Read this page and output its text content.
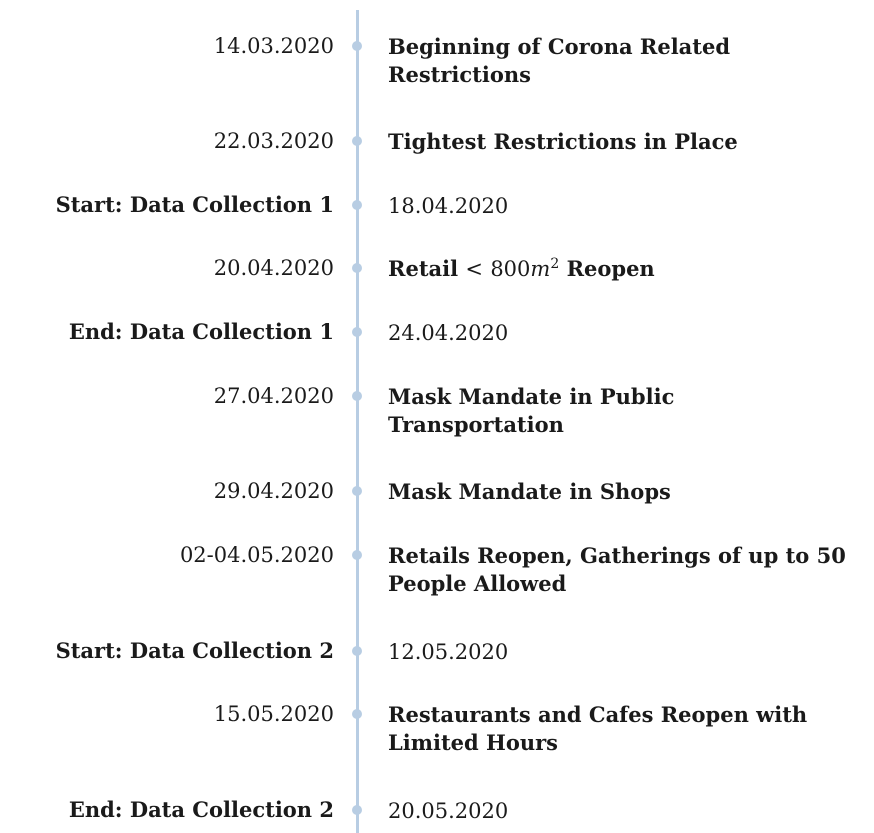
14.03.2020	Beginning of Corona Related Restrictions
22.03.2020	Tightest Restrictions in Place
Start: Data Collection 1	18.04.2020
20.04.2020	Retail < $800m^2$ Reopen
End: Data Collection 1	24.04.2020
27.04.2020	Mask Mandate in Public Transportation
29.04.2020	Mask Mandate in Shops
02-04.05.2020	Retails Reopen, Gatherings of up to 50 People Allowed
Start: Data Collection 2	12.05.2020
15.05.2020	Restaurants and Cafes Reopen with Limited Hours
End: Data Collection 2	20.05.2020
